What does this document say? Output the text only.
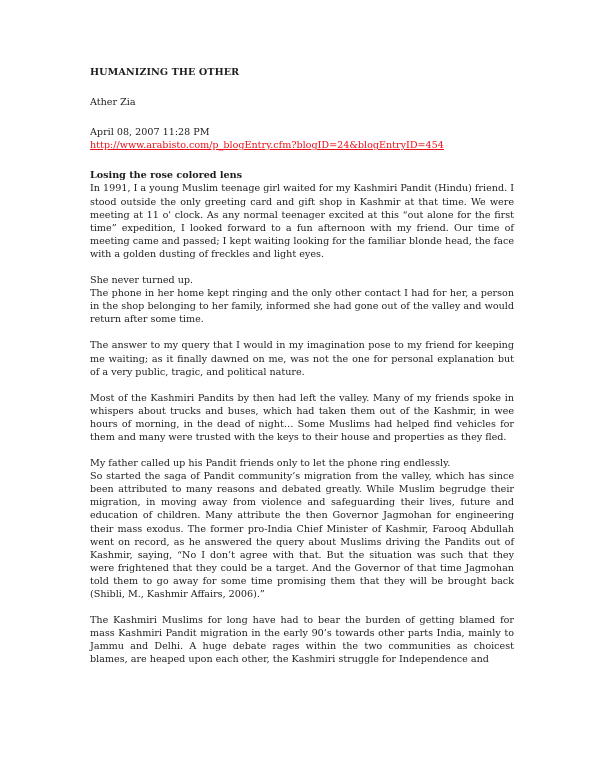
HUMANIZING THE OTHER
Ather Zia
April 08, 2007 11:28 PM
http://www.arabisto.com/p_blogEntry.cfm?blogID=24&blogEntryID=454
Losing the rose colored lens

In 1991, I a young Muslim teenage girl waited for my Kashmiri Pandit (Hindu) friend. I stood outside the only greeting card and gift shop in Kashmir at that time. We were meeting at 11 o' clock. As any normal teenager excited at this “out alone for the first time” expedition, I looked forward to a fun afternoon with my friend. Our time of meeting came and passed; I kept waiting looking for the familiar blonde head, the face with a golden dusting of freckles and light eyes.

She never turned up.

The phone in her home kept ringing and the only other contact I had for her, a person in the shop belonging to her family, informed she had gone out of the valley and would return after some time.

The answer to my query that I would in my imagination pose to my friend for keeping me waiting; as it finally dawned on me, was not the one for personal explanation but of a very public, tragic, and political nature.

Most of the Kashmiri Pandits by then had left the valley. Many of my friends spoke in whispers about trucks and buses, which had taken them out of the Kashmir, in wee hours of morning, in the dead of night… Some Muslims had helped find vehicles for them and many were trusted with the keys to their house and properties as they fled.

My father called up his Pandit friends only to let the phone ring endlessly.

So started the saga of Pandit community’s migration from the valley, which has since been attributed to many reasons and debated greatly. While Muslim begrudge their migration, in moving away from violence and safeguarding their lives, future and education of children. Many attribute the then Governor Jagmohan for engineering their mass exodus. The former pro-India Chief Minister of Kashmir, Farooq Abdullah went on record, as he answered the query about Muslims driving the Pandits out of Kashmir, saying, “No I don’t agree with that. But the situation was such that they were frightened that they could be a target. And the Governor of that time Jagmohan told them to go away for some time promising them that they will be brought back (Shibli, M., Kashmir Affairs, 2006).”

The Kashmiri Muslims for long have had to bear the burden of getting blamed for mass Kashmiri Pandit migration in the early 90’s towards other parts India, mainly to Jammu and Delhi. A huge debate rages within the two communities as choicest blames, are heaped upon each other, the Kashmiri struggle for Independence and
